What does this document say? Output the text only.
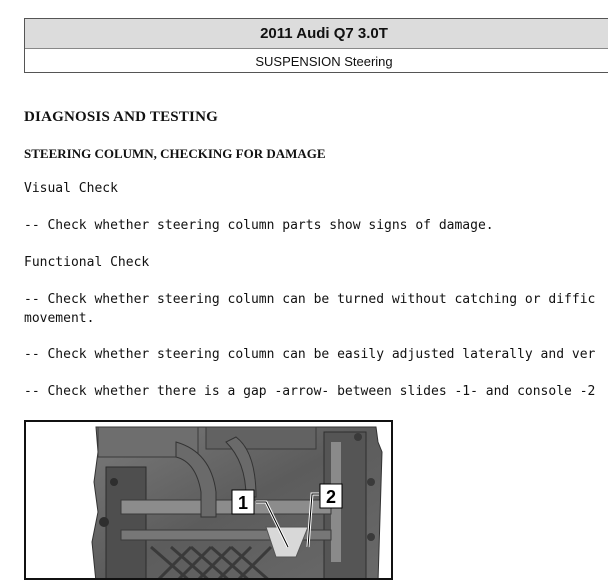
2011 Audi Q7 3.0T
SUSPENSION Steering
DIAGNOSIS AND TESTING
STEERING COLUMN, CHECKING FOR DAMAGE
Visual Check
-- Check whether steering column parts show signs of damage.
Functional Check
-- Check whether steering column can be turned without catching or diffic
movement.
-- Check whether steering column can be easily adjusted laterally and ver
-- Check whether there is a gap -arrow- between slides -1- and console -2
1	2
